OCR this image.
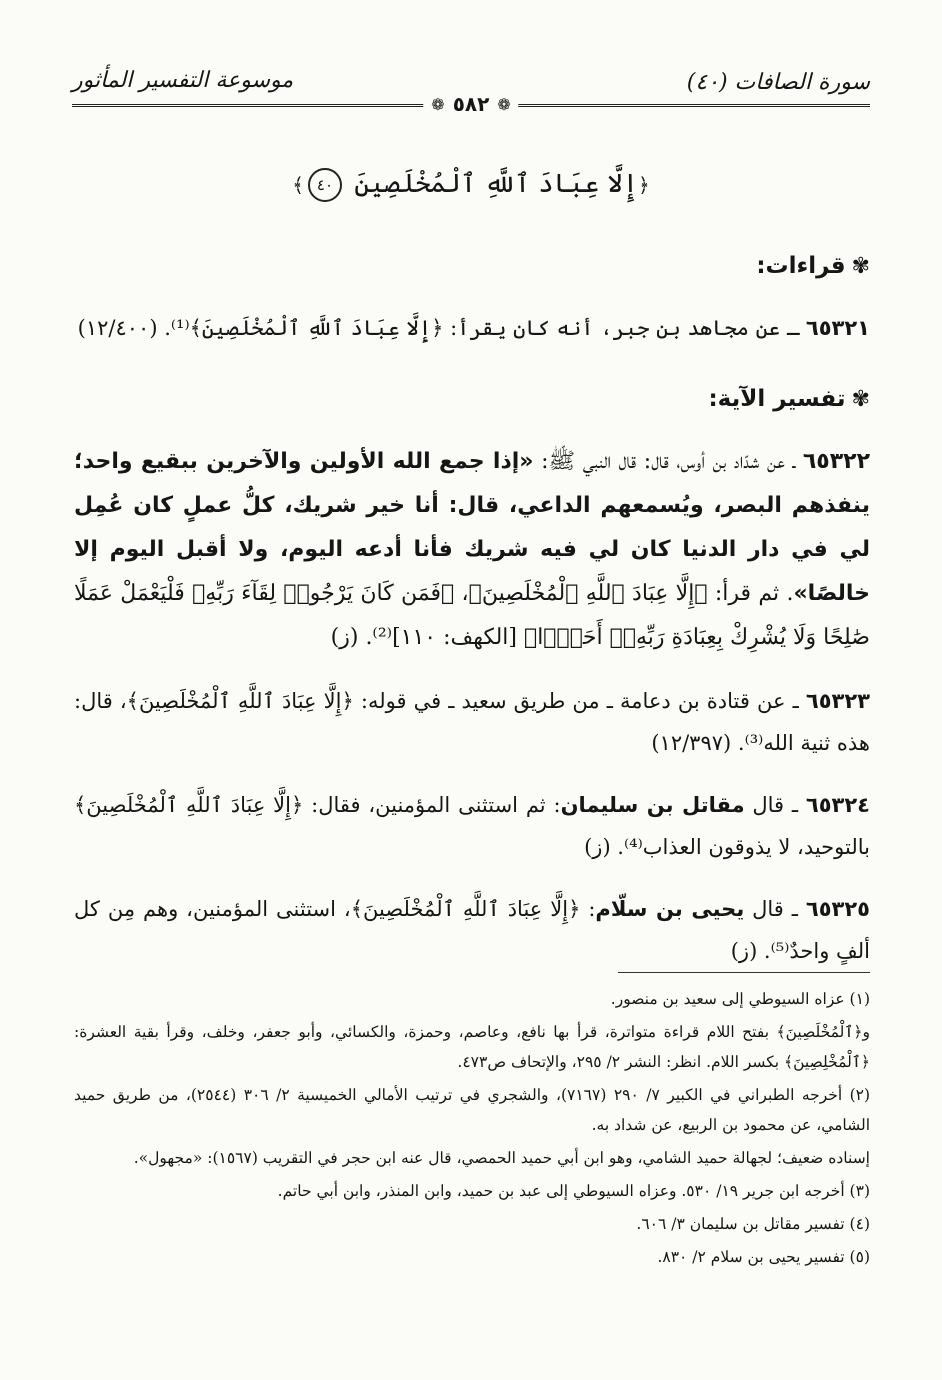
سورة الصافات (٤٠)
موسوعة التفسير المأثور
❁
٥٨٢
❁
﴿إِلَّا عِبَادَ ٱللَّهِ ٱلْمُخْلَصِينَ ٤٠﴾
✾قراءات:

٦٥٣٢١ ـ عن مجاهد بن جبر، أنه كان يقرأ: ﴿إِلَّا عِبَادَ ٱللَّهِ ٱلْمُخْلَصِينَ﴾⁽¹⁾. (١٢/٤٠٠)

✾تفسير الآية:

٦٥٣٢٢ ـ عن شدّاد بن أوس، قال: قال النبي ﷺ: «إذا جمع الله الأولين والآخرين ببقيع واحد؛ ينفذهم البصر، ويُسمعهم الداعي، قال: أنا خير شريك، كلُّ عملٍ كان عُمِل لي في دار الدنيا كان لي فيه شريك فأنا أدعه اليوم، ولا أقبل اليوم إلا خالصًا». ثم قرأ: ﴿إِلَّا عِبَادَ ٱللَّهِ ٱلْمُخْلَصِينَ﴾، ﴿فَمَن كَانَ يَرْجُوا۟ لِقَآءَ رَبِّهِۦ فَلْيَعْمَلْ عَمَلًا صَٰلِحًا وَلَا يُشْرِكْ بِعِبَادَةِ رَبِّهِۦٓ أَحَدًۢا﴾ [الكهف: ١١٠]⁽²⁾. (ز)

٦٥٣٢٣ ـ عن قتادة بن دعامة ـ من طريق سعيد ـ في قوله: ﴿إِلَّا عِبَادَ ٱللَّهِ ٱلْمُخْلَصِينَ﴾، قال: هذه ثنية الله⁽³⁾. (١٢/٣٩٧)

٦٥٣٢٤ ـ قال مقاتل بن سليمان: ثم استثنى المؤمنين، فقال: ﴿إِلَّا عِبَادَ ٱللَّهِ ٱلْمُخْلَصِينَ﴾ بالتوحيد، لا يذوقون العذاب⁽⁴⁾. (ز)

٦٥٣٢٥ ـ قال يحيى بن سلّام: ﴿إِلَّا عِبَادَ ٱللَّهِ ٱلْمُخْلَصِينَ﴾، استثنى المؤمنين، وهم مِن كل ألفٍ واحدٌ⁽⁵⁾. (ز)

(١) عزاه السيوطي إلى سعيد بن منصور.

و﴿ٱلْمُخْلَصِينَ﴾ بفتح اللام قراءة متواترة، قرأ بها نافع، وعاصم، وحمزة، والكسائي، وأبو جعفر، وخلف، وقرأ بقية العشرة: ﴿ٱلْمُخْلِصِينَ﴾ بكسر اللام. انظر: النشر ٢/ ٢٩٥، والإتحاف ص٤٧٣.

(٢) أخرجه الطبراني في الكبير ٧/ ٢٩٠ (٧١٦٧)، والشجري في ترتيب الأمالي الخميسية ٢/ ٣٠٦ (٢٥٤٤)، من طريق حميد الشامي، عن محمود بن الربيع، عن شداد به.

إسناده ضعيف؛ لجهالة حميد الشامي، وهو ابن أبي حميد الحمصي، قال عنه ابن حجر في التقريب (١٥٦٧): «مجهول».

(٣) أخرجه ابن جرير ١٩/ ٥٣٠. وعزاه السيوطي إلى عبد بن حميد، وابن المنذر، وابن أبي حاتم.

(٤) تفسير مقاتل بن سليمان ٣/ ٦٠٦.

(٥) تفسير يحيى بن سلام ٢/ ٨٣٠.
